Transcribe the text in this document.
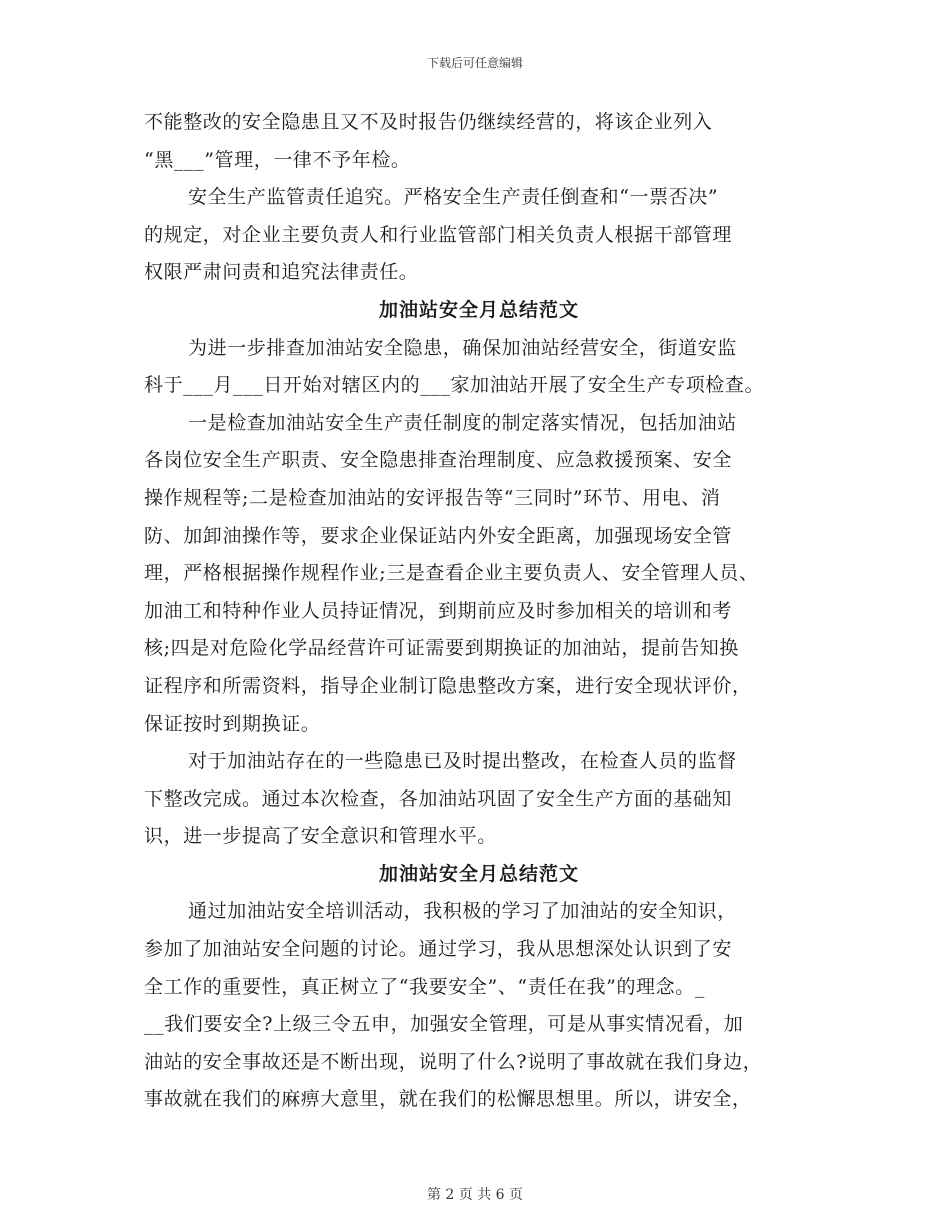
下载后可任意编辑
不能整改的安全隐患且又不及时报告仍继续经营的，将该企业列入
“黑___”管理，一律不予年检。
安全生产监管责任追究。严格安全生产责任倒查和“一票否决”
的规定，对企业主要负责人和行业监管部门相关负责人根据干部管理
权限严肃问责和追究法律责任。
加油站安全月总结范文
为进一步排查加油站安全隐患，确保加油站经营安全，街道安监
科于___月___日开始对辖区内的___家加油站开展了安全生产专项检查。
一是检查加油站安全生产责任制度的制定落实情况，包括加油站
各岗位安全生产职责、安全隐患排查治理制度、应急救援预案、安全
操作规程等;二是检查加油站的安评报告等“三同时”环节、用电、消
防、加卸油操作等，要求企业保证站内外安全距离，加强现场安全管
理，严格根据操作规程作业;三是查看企业主要负责人、安全管理人员、
加油工和特种作业人员持证情况，到期前应及时参加相关的培训和考
核;四是对危险化学品经营许可证需要到期换证的加油站，提前告知换
证程序和所需资料，指导企业制订隐患整改方案，进行安全现状评价，
保证按时到期换证。
对于加油站存在的一些隐患已及时提出整改，在检查人员的监督
下整改完成。通过本次检查，各加油站巩固了安全生产方面的基础知
识，进一步提高了安全意识和管理水平。
加油站安全月总结范文
通过加油站安全培训活动，我积极的学习了加油站的安全知识，
参加了加油站安全问题的讨论。通过学习，我从思想深处认识到了安
全工作的重要性，真正树立了“我要安全”、“责任在我”的理念。_
__我们要安全?上级三令五申，加强安全管理，可是从事实情况看，加
油站的安全事故还是不断出现，说明了什么?说明了事故就在我们身边，
事故就在我们的麻痹大意里，就在我们的松懈思想里。所以，讲安全，
第 2 页 共 6 页
